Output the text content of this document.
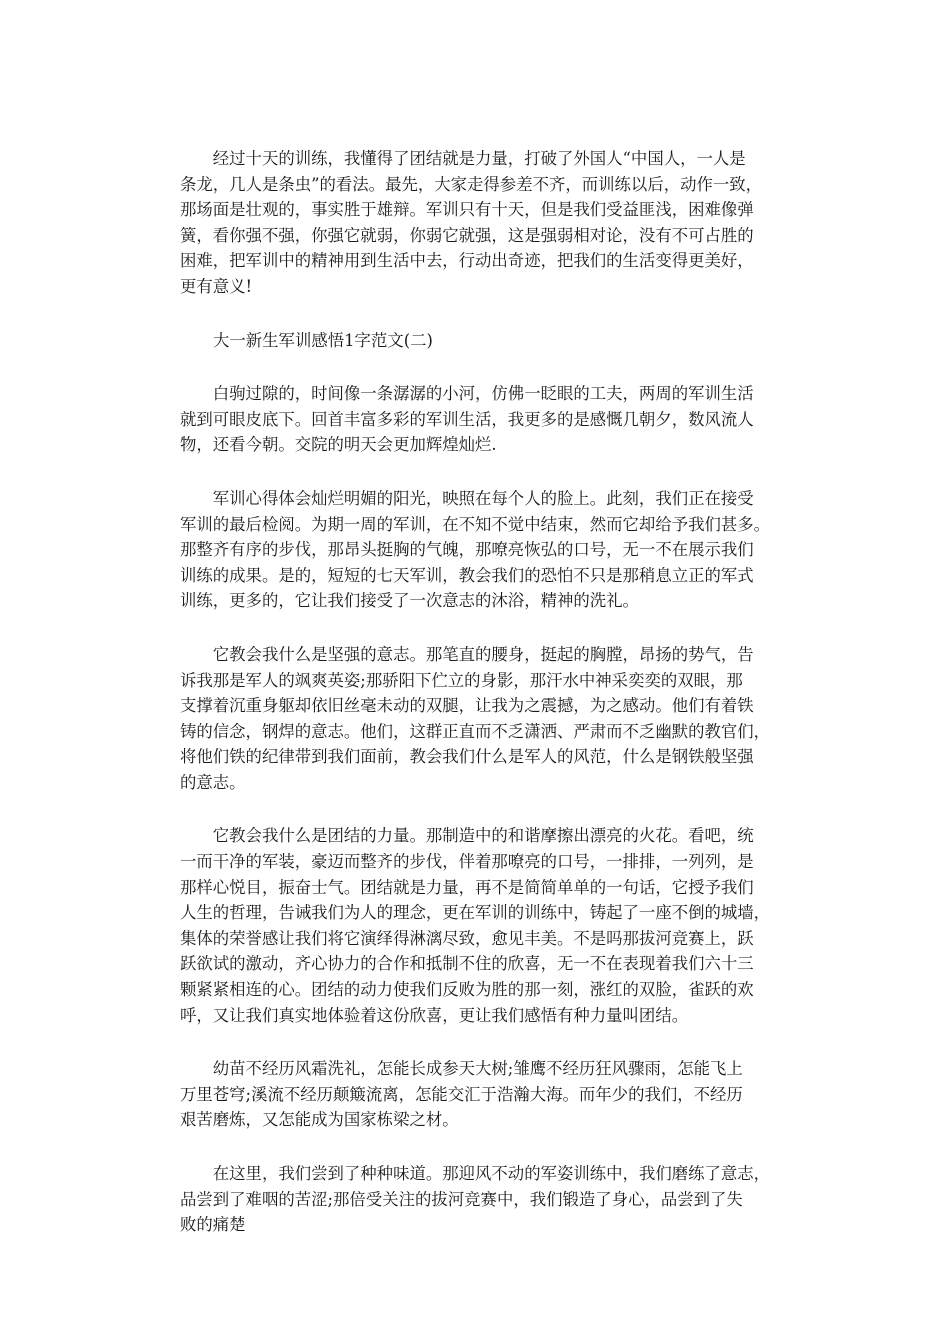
　　经过十天的训练，我懂得了团结就是力量，打破了外国人“中国人，一人是
条龙，几人是条虫”的看法。最先，大家走得参差不齐，而训练以后，动作一致，
那场面是壮观的，事实胜于雄辩。军训只有十天，但是我们受益匪浅，困难像弹
簧，看你强不强，你强它就弱，你弱它就强，这是强弱相对论，没有不可占胜的
困难，把军训中的精神用到生活中去，行动出奇迹，把我们的生活变得更美好，
更有意义!

大一新生军训感悟1字范文(二)

　　白驹过隙的，时间像一条潺潺的小河，仿佛一眨眼的工夫，两周的军训生活
就到可眼皮底下。回首丰富多彩的军训生活，我更多的是感慨几朝夕，数风流人
物，还看今朝。交院的明天会更加辉煌灿烂.

　　军训心得体会灿烂明媚的阳光，映照在每个人的脸上。此刻，我们正在接受
军训的最后检阅。为期一周的军训，在不知不觉中结束，然而它却给予我们甚多。
那整齐有序的步伐，那昂头挺胸的气魄，那嘹亮恢弘的口号，无一不在展示我们
训练的成果。是的，短短的七天军训，教会我们的恐怕不只是那稍息立正的军式
训练，更多的，它让我们接受了一次意志的沐浴，精神的洗礼。

　　它教会我什么是坚强的意志。那笔直的腰身，挺起的胸膛，昂扬的势气，告
诉我那是军人的飒爽英姿;那骄阳下伫立的身影，那汗水中神采奕奕的双眼，那
支撑着沉重身躯却依旧丝毫未动的双腿，让我为之震撼，为之感动。他们有着铁
铸的信念，钢焊的意志。他们，这群正直而不乏潇洒、严肃而不乏幽默的教官们，
将他们铁的纪律带到我们面前，教会我们什么是军人的风范，什么是钢铁般坚强
的意志。

　　它教会我什么是团结的力量。那制造中的和谐摩擦出漂亮的火花。看吧，统
一而干净的军装，豪迈而整齐的步伐，伴着那嘹亮的口号，一排排，一列列，是
那样心悦目，振奋士气。团结就是力量，再不是简简单单的一句话，它授予我们
人生的哲理，告诫我们为人的理念，更在军训的训练中，铸起了一座不倒的城墙，
集体的荣誉感让我们将它演绎得淋漓尽致，愈见丰美。不是吗那拔河竞赛上，跃
跃欲试的激动，齐心协力的合作和抵制不住的欣喜，无一不在表现着我们六十三
颗紧紧相连的心。团结的动力使我们反败为胜的那一刻，涨红的双脸，雀跃的欢
呼，又让我们真实地体验着这份欣喜，更让我们感悟有种力量叫团结。

　　幼苗不经历风霜洗礼，怎能长成参天大树;雏鹰不经历狂风骤雨，怎能飞上
万里苍穹;溪流不经历颠簸流离，怎能交汇于浩瀚大海。而年少的我们，不经历
艰苦磨炼，又怎能成为国家栋梁之材。

　　在这里，我们尝到了种种味道。那迎风不动的军姿训练中，我们磨练了意志，
品尝到了难咽的苦涩;那倍受关注的拔河竞赛中，我们锻造了身心，品尝到了失
败的痛楚
